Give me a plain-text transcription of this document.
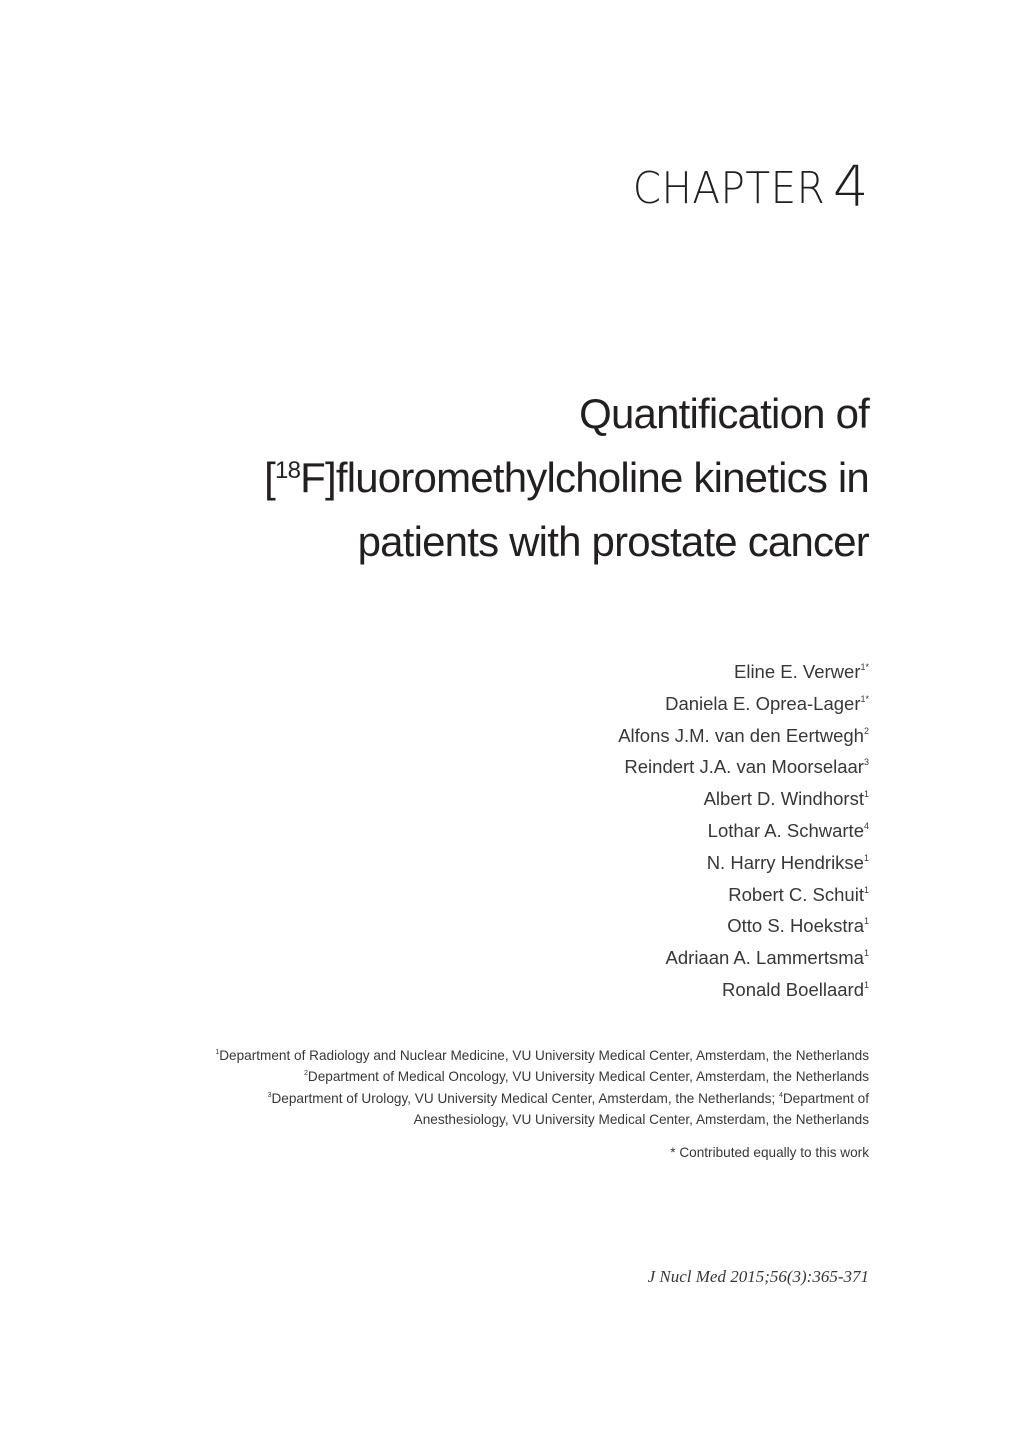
CHAPTER 4
Quantification of
[$^{18}$F]fluoromethylcholine kinetics in
patients with prostate cancer
Eline E. Verwer$^{1*}$
Daniela E. Oprea-Lager$^{1*}$
Alfons J.M. van den Eertwegh$^2$
Reindert J.A. van Moorselaar$^3$
Albert D. Windhorst$^1$
Lothar A. Schwarte$^4$
N. Harry Hendrikse$^1$
Robert C. Schuit$^1$
Otto S. Hoekstra$^1$
Adriaan A. Lammertsma$^1$
Ronald Boellaard$^1$
$^1$Department of Radiology and Nuclear Medicine, VU University Medical Center, Amsterdam, the Netherlands
$^2$Department of Medical Oncology, VU University Medical Center, Amsterdam, the Netherlands
$^3$Department of Urology, VU University Medical Center, Amsterdam, the Netherlands; $^4$Department of
Anesthesiology, VU University Medical Center, Amsterdam, the Netherlands
* Contributed equally to this work
J Nucl Med 2015;56(3):365-371
